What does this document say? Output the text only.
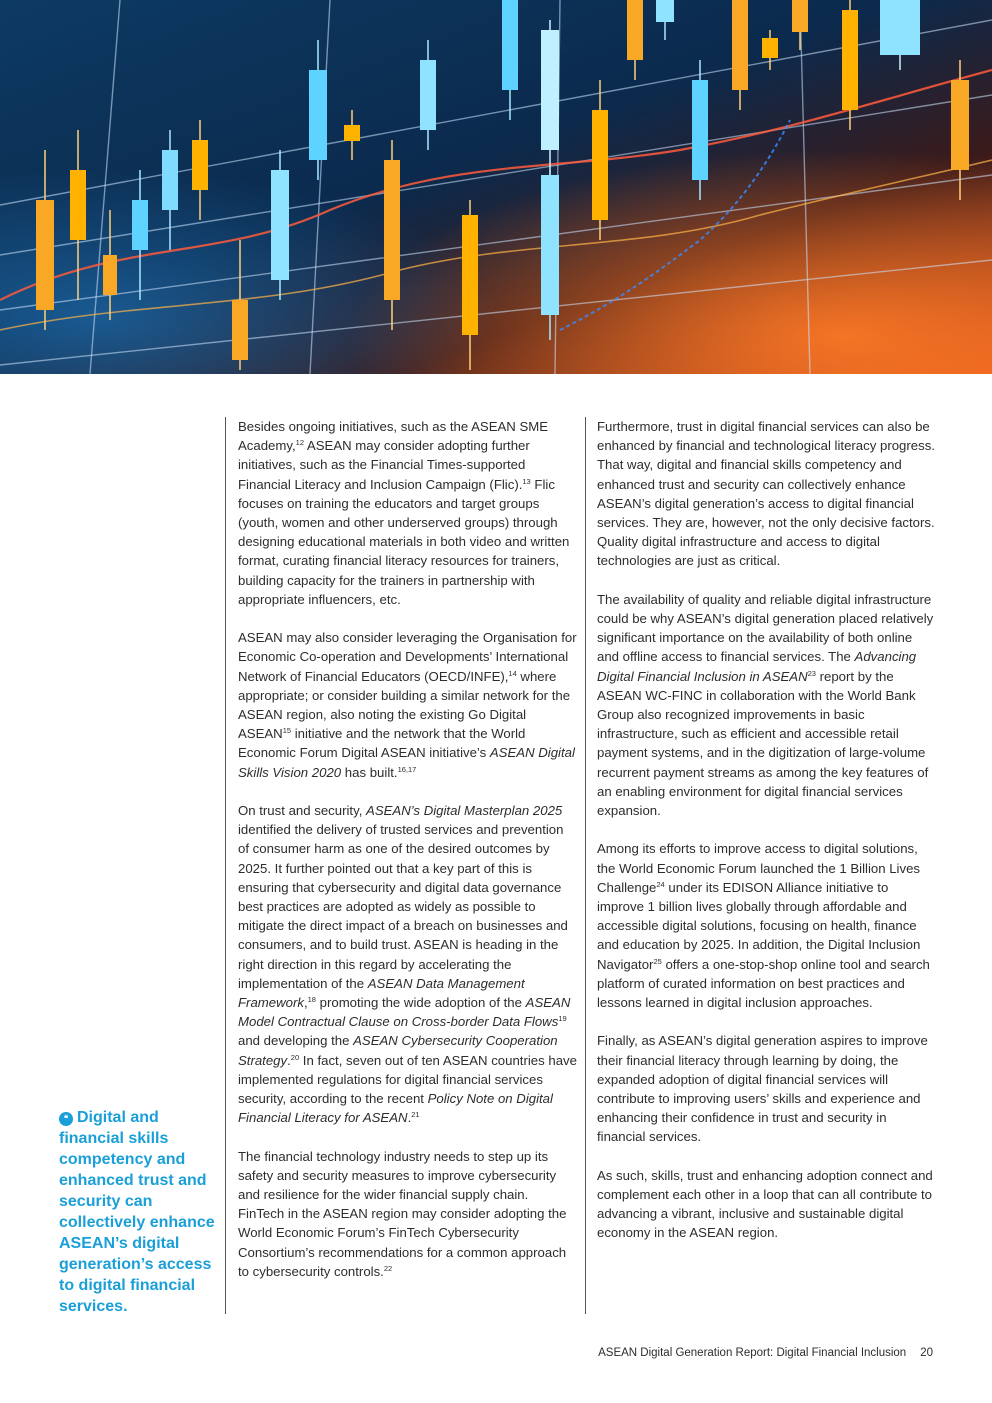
❝ Digital and financial skills competency and enhanced trust and security can collectively enhance ASEAN’s digital generation’s access to digital financial services.

Besides ongoing initiatives, such as the ASEAN SME Academy,$^{12}$ ASEAN may consider adopting further initiatives, such as the Financial Times-supported Financial Literacy and Inclusion Campaign (Flic).$^{13}$ Flic focuses on training the educators and target groups (youth, women and other underserved groups) through designing educational materials in both video and written format, curating financial literacy resources for trainers, building capacity for the trainers in partnership with appropriate influencers, etc.

ASEAN may also consider leveraging the Organisation for Economic Co-operation and Developments’ International Network of Financial Educators (OECD/INFE),$^{14}$ where appropriate; or consider building a similar network for the ASEAN region, also noting the existing Go Digital ASEAN$^{15}$ initiative and the network that the World Economic Forum Digital ASEAN initiative’s ASEAN Digital Skills Vision 2020 has built.$^{16,17}$

On trust and security, ASEAN’s Digital Masterplan 2025 identified the delivery of trusted services and prevention of consumer harm as one of the desired outcomes by 2025. It further pointed out that a key part of this is ensuring that cybersecurity and digital data governance best practices are adopted as widely as possible to mitigate the direct impact of a breach on businesses and consumers, and to build trust. ASEAN is heading in the right direction in this regard by accelerating the implementation of the ASEAN Data Management Framework,$^{18}$ promoting the wide adoption of the ASEAN Model Contractual Clause on Cross-border Data Flows$^{19}$ and developing the ASEAN Cybersecurity Cooperation Strategy.$^{20}$ In fact, seven out of ten ASEAN countries have implemented regulations for digital financial services security, according to the recent Policy Note on Digital Financial Literacy for ASEAN.$^{21}$

The financial technology industry needs to step up its safety and security measures to improve cybersecurity and resilience for the wider financial supply chain. FinTech in the ASEAN region may consider adopting the World Economic Forum’s FinTech Cybersecurity Consortium’s recommendations for a common approach to cybersecurity controls.$^{22}$

Furthermore, trust in digital financial services can also be enhanced by financial and technological literacy progress. That way, digital and financial skills competency and enhanced trust and security can collectively enhance ASEAN’s digital generation’s access to digital financial services. They are, however, not the only decisive factors. Quality digital infrastructure and access to digital technologies are just as critical.

The availability of quality and reliable digital infrastructure could be why ASEAN’s digital generation placed relatively significant importance on the availability of both online and offline access to financial services. The Advancing Digital Financial Inclusion in ASEAN$^{23}$ report by the ASEAN WC-FINC in collaboration with the World Bank Group also recognized improvements in basic infrastructure, such as efficient and accessible retail payment systems, and in the digitization of large-volume recurrent payment streams as among the key features of an enabling environment for digital financial services expansion.

Among its efforts to improve access to digital solutions, the World Economic Forum launched the 1 Billion Lives Challenge$^{24}$ under its EDISON Alliance initiative to improve 1 billion lives globally through affordable and accessible digital solutions, focusing on health, finance and education by 2025. In addition, the Digital Inclusion Navigator$^{25}$ offers a one-stop-shop online tool and search platform of curated information on best practices and lessons learned in digital inclusion approaches.

Finally, as ASEAN’s digital generation aspires to improve their financial literacy through learning by doing, the expanded adoption of digital financial services will contribute to improving users’ skills and experience and enhancing their confidence in trust and security in financial services.

As such, skills, trust and enhancing adoption connect and complement each other in a loop that can all contribute to advancing a vibrant, inclusive and sustainable digital economy in the ASEAN region.

ASEAN Digital Generation Report: Digital Financial Inclusion 20
